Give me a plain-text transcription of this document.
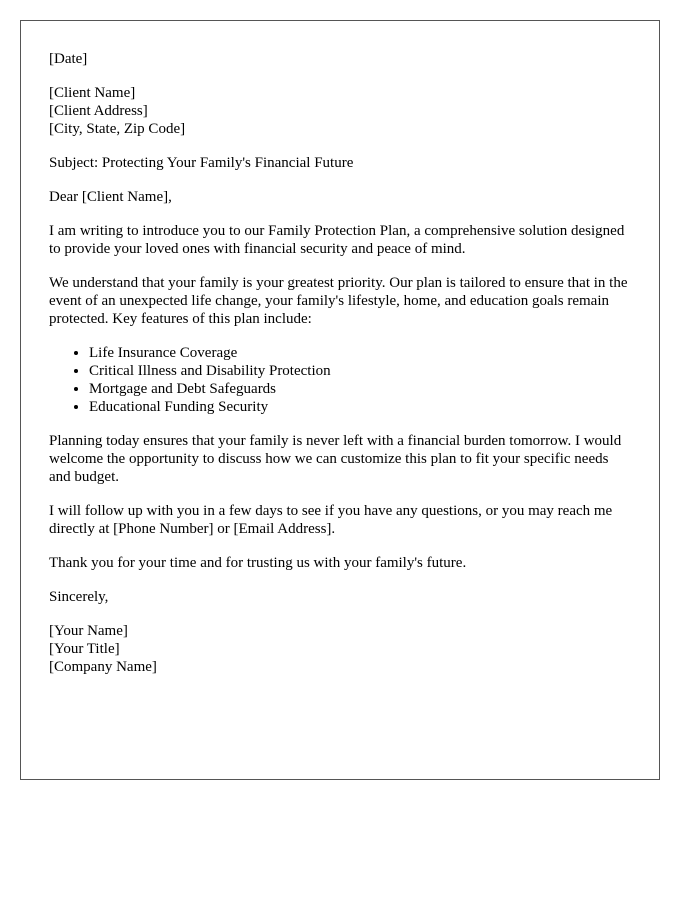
[Date]
[Client Name]
[Client Address]
[City, State, Zip Code]

Subject: Protecting Your Family's Financial Future

Dear [Client Name],

I am writing to introduce you to our Family Protection Plan, a comprehensive solution designed to provide your loved ones with financial security and peace of mind.

We understand that your family is your greatest priority. Our plan is tailored to ensure that in the event of an unexpected life change, your family's lifestyle, home, and education goals remain protected. Key features of this plan include:

• Life Insurance Coverage
• Critical Illness and Disability Protection
• Mortgage and Debt Safeguards
• Educational Funding Security

Planning today ensures that your family is never left with a financial burden tomorrow. I would welcome the opportunity to discuss how we can customize this plan to fit your specific needs and budget.

I will follow up with you in a few days to see if you have any questions, or you may reach me directly at [Phone Number] or [Email Address].

Thank you for your time and for trusting us with your family's future.

Sincerely,

[Your Name]
[Your Title]
[Company Name]
